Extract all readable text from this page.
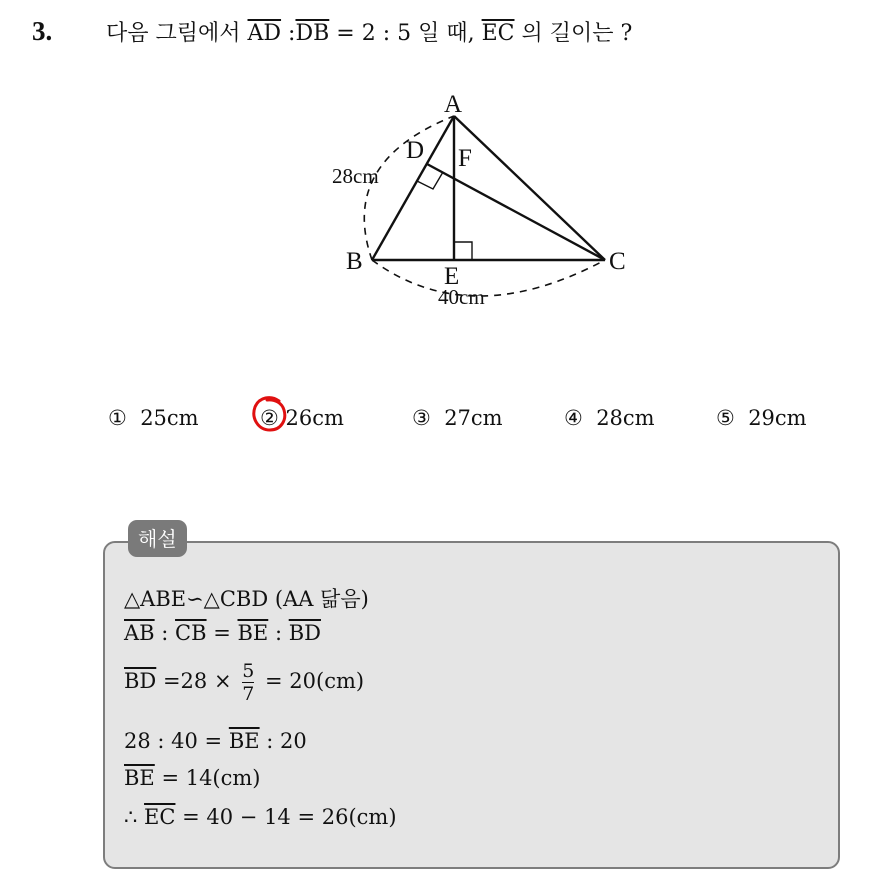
3. 다음 그림에서 $\overline{AD}$ $:\overline{DB} = 2$ : 5 일 때, $\overline{EC}$ 의 길이는 ?
A
D F
B	C
E
28cm
40cm
① 25cm	② 26cm	③ 27cm	④ 28cm	⑤ 29cm
해설
△ABE∽△CBD (AA 닮음)
$\overline{AB}$ : $\overline{CB} = \overline{BE}$ : $\overline{BD}$
$\overline{BD} =28 \times \frac{5}{7} = 20(cm)$
28 : $40 = \overline{BE}$ : 20
$\overline{BE} = 14(cm)$
∴ $\overline{EC} = 40 - 14 = 26(cm)$
